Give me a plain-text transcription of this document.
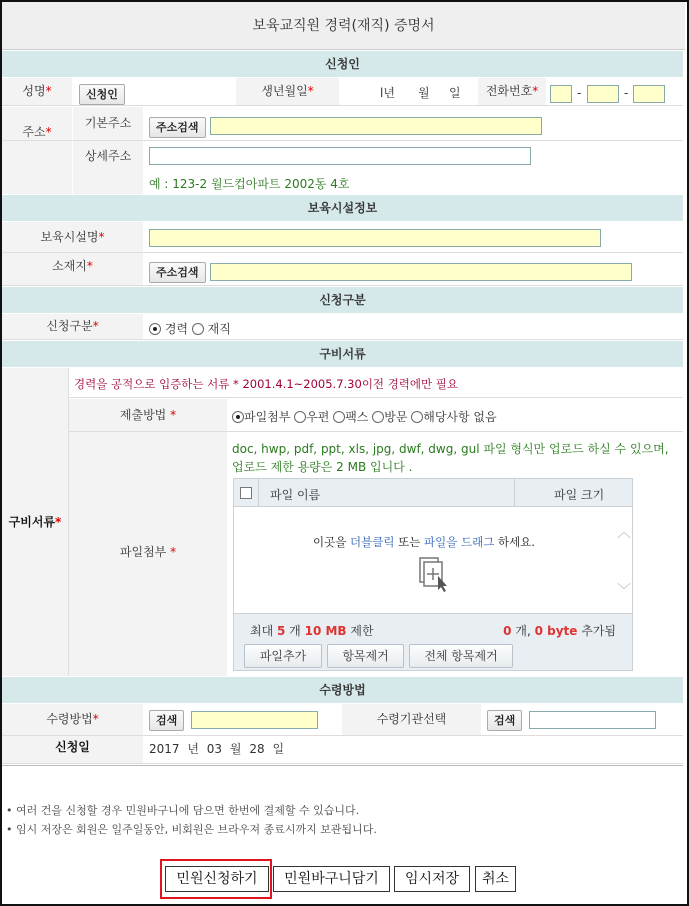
보육교직원 경력(재직) 증명서
신청인
성명*	신청인	생년월일*	l년 월 일	전화번호*	-	-
주소*
기본주소	주소검색
상세주소
예 : 123-2 월드컵아파트 2002동 4호
보육시설정보
보육시설명*
소재지*	주소검색
신청구분
신청구분*	경력 재직
구비서류
구비서류*
경력을 공적으로 입증하는 서류 * 2001.4.1~2005.7.30이전 경력에만 필요
제출방법 *	파일첨부 우편 팩스 방문 해당사항 없음
파일첨부 *
doc, hwp, pdf, ppt, xls, jpg, dwf, dwg, gul 파일 형식만 업로드 하실 수 있으며,
업로드 제한 용량은 2 MB 입니다 .
파일 이름	파일 크기
이곳을 더블클릭 또는 파일을 드래그 하세요.
︿
﹀
최대 5 개 10 MB 제한	0 개, 0 byte 추가됨
파일추가	항목제거	전체 항목제거
수령방법
수령방법*	검색	수령기관선택	검색
신청일	2017 년 03 월 28 일
• 여러 건을 신청할 경우 민원바구니에 담으면 한번에 결제할 수 있습니다.
• 임시 저장은 회원은 일주일동안, 비회원은 브라우져 종료시까지 보관됩니다.
민원신청하기	민원바구니담기	임시저장	취소
